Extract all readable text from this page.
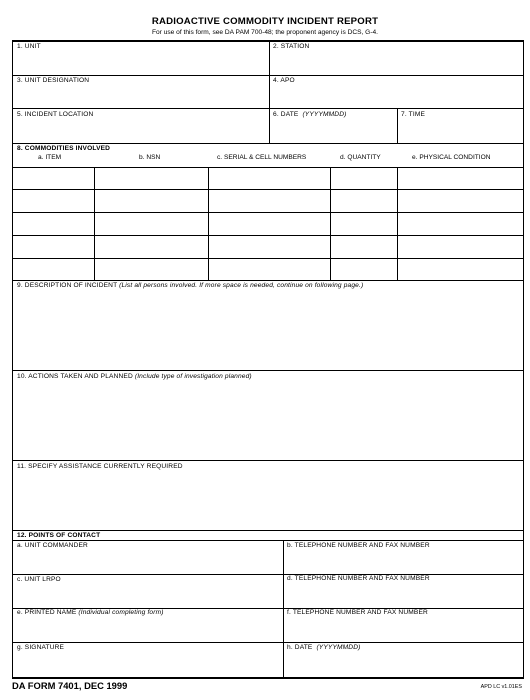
RADIOACTIVE COMMODITY INCIDENT REPORT
For use of this form, see DA PAM 700-48; the proponent agency is DCS, G-4.
1. UNIT	2. STATION
3. UNIT DESIGNATION	4. APO
5. INCIDENT LOCATION	6. DATE (YYYYMMDD)	7. TIME
8. COMMODITIES INVOLVED
a. ITEM	b. NSN	c. SERIAL & CELL NUMBERS	d. QUANTITY	e. PHYSICAL CONDITION
9. DESCRIPTION OF INCIDENT (List all persons involved. If more space is needed, continue on following page.)
10. ACTIONS TAKEN AND PLANNED (Include type of investigation planned)
11. SPECIFY ASSISTANCE CURRENTLY REQUIRED
12. POINTS OF CONTACT
a. UNIT COMMANDER	b. TELEPHONE NUMBER AND FAX NUMBER
c. UNIT LRPO	d. TELEPHONE NUMBER AND FAX NUMBER
e. PRINTED NAME (Individual completing form)	f. TELEPHONE NUMBER AND FAX NUMBER
g. SIGNATURE	h. DATE (YYYYMMDD)
DA FORM 7401, DEC 1999	APD LC v1.01ES
